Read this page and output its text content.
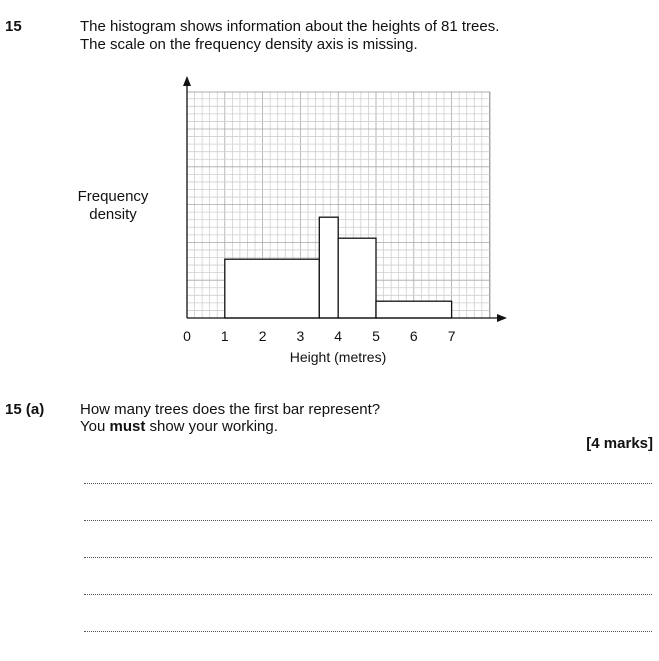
15	The histogram shows information about the heights of 81 trees.
The scale on the frequency density axis is missing.
Frequency
density
0 1 2 3 4 5 6 7
Height (metres)
15 (a) How many trees does the first bar represent?
You must show your working.
[4 marks]
